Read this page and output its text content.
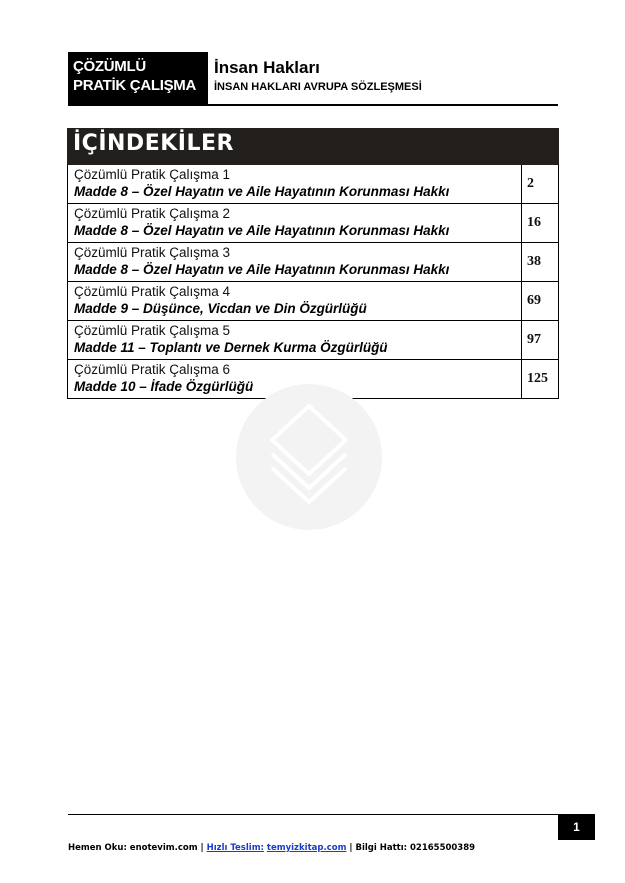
ÇÖZÜMLÜ
PRATİK ÇALIŞMA
İnsan Hakları
İNSAN HAKLARI AVRUPA SÖZLEŞMESİ
İÇİNDEKİLER
Çözümlü Pratik Çalışma 1
Madde 8 – Özel Hayatın ve Aile Hayatının Korunması Hakkı
2
Çözümlü Pratik Çalışma 2
Madde 8 – Özel Hayatın ve Aile Hayatının Korunması Hakkı
16
Çözümlü Pratik Çalışma 3
Madde 8 – Özel Hayatın ve Aile Hayatının Korunması Hakkı
38
Çözümlü Pratik Çalışma 4
Madde 9 – Düşünce, Vicdan ve Din Özgürlüğü
69
Çözümlü Pratik Çalışma 5
Madde 11 – Toplantı ve Dernek Kurma Özgürlüğü
97
Çözümlü Pratik Çalışma 6
Madde 10 – İfade Özgürlüğü
125
1
Hemen Oku: enotevim.com | Hızlı Teslim: temyizkitap.com | Bilgi Hattı: 02165500389
